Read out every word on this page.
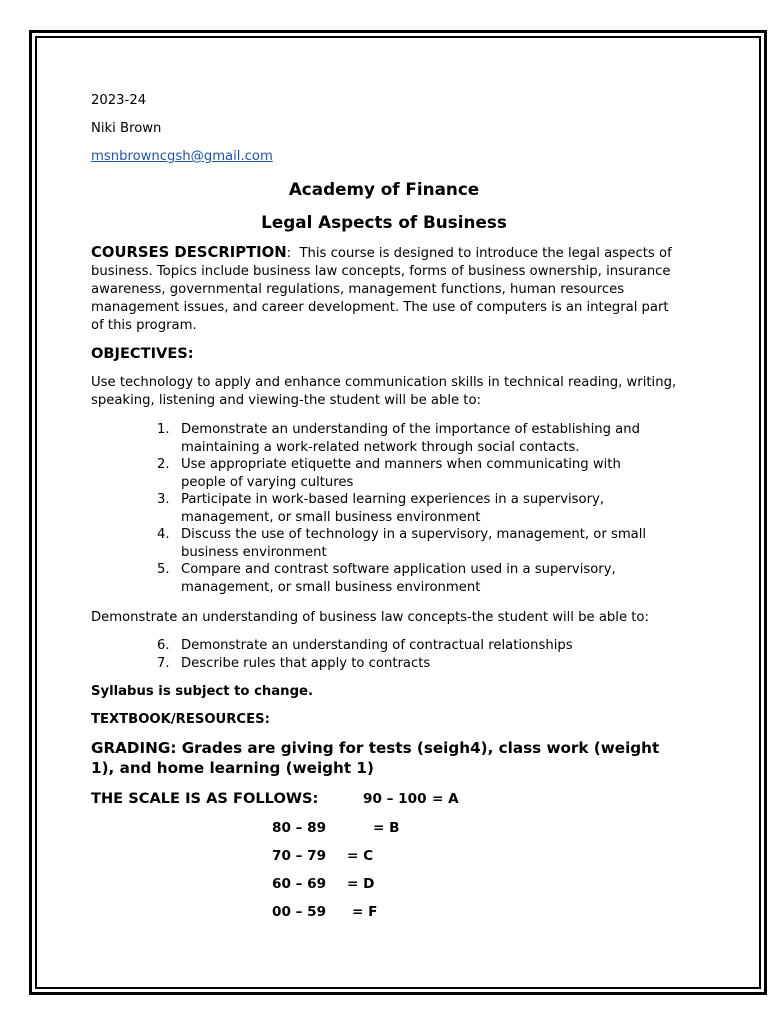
2023-24
Niki Brown
msnbrowncgsh@gmail.com
Academy of Finance
Legal Aspects of Business
COURSES DESCRIPTION: This course is designed to introduce the legal aspects of business. Topics include business law concepts, forms of business ownership, insurance awareness, governmental regulations, management functions, human resources management issues, and career development. The use of computers is an integral part of this program.
OBJECTIVES:
Use technology to apply and enhance communication skills in technical reading, writing, speaking, listening and viewing-the student will be able to:
1. Demonstrate an understanding of the importance of establishing and maintaining a work-related network through social contacts.
2. Use appropriate etiquette and manners when communicating with people of varying cultures
3. Participate in work-based learning experiences in a supervisory, management, or small business environment
4. Discuss the use of technology in a supervisory, management, or small business environment
5. Compare and contrast software application used in a supervisory, management, or small business environment
Demonstrate an understanding of business law concepts-the student will be able to:
6. Demonstrate an understanding of contractual relationships
7. Describe rules that apply to contracts
Syllabus is subject to change.
TEXTBOOK/RESOURCES:
GRADING: Grades are giving for tests (seigh4), class work (weight 1), and home learning (weight 1)
THE SCALE IS AS FOLLOWS:	90 – 100 = A
80 – 89	= B
70 – 79 = C
60 – 69 = D
00 – 59 = F
